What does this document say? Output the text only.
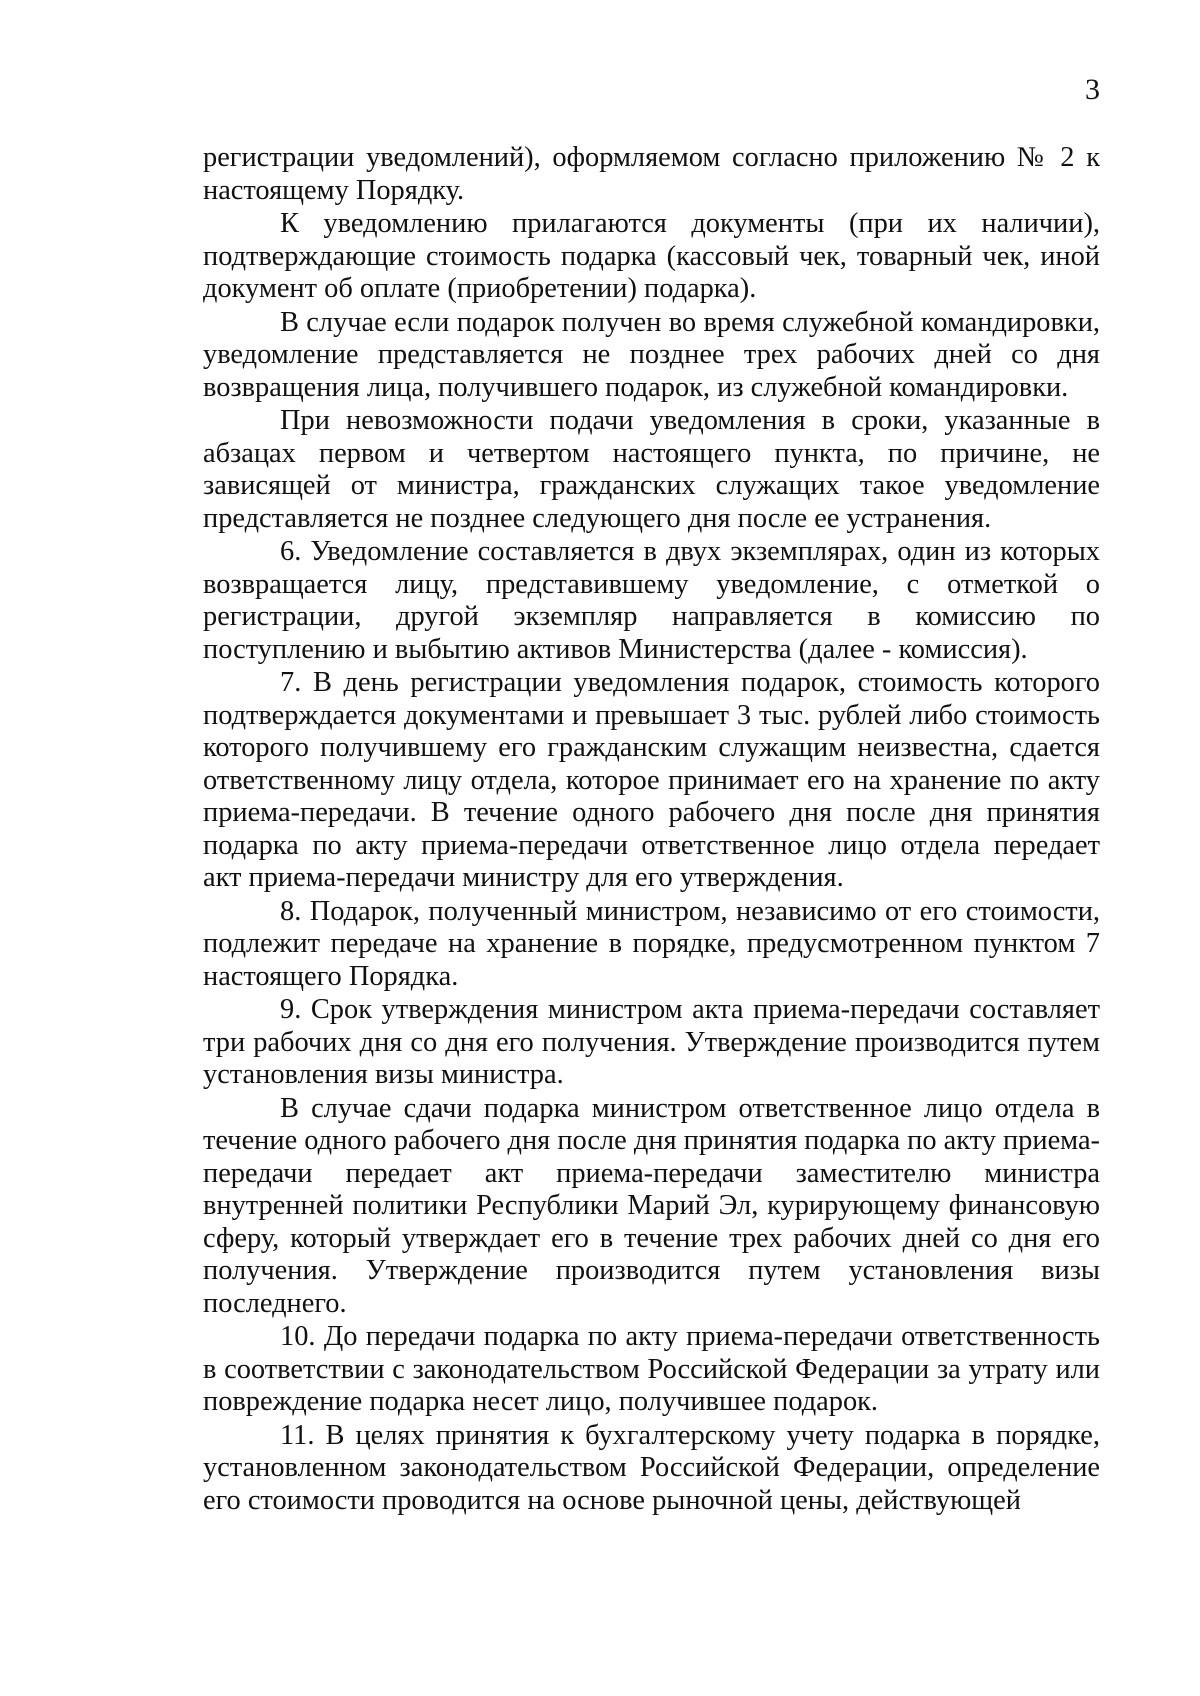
3

регистрации уведомлений), оформляемом согласно приложению № 2 к настоящему Порядку.

К уведомлению прилагаются документы (при их наличии), подтверждающие стоимость подарка (кассовый чек, товарный чек, иной документ об оплате (приобретении) подарка).

В случае если подарок получен во время служебной командировки, уведомление представляется не позднее трех рабочих дней со дня возвращения лица, получившего подарок, из служебной командировки.

При невозможности подачи уведомления в сроки, указанные в абзацах первом и четвертом настоящего пункта, по причине, не зависящей от министра, гражданских служащих такое уведомление представляется не позднее следующего дня после ее устранения.

6. Уведомление составляется в двух экземплярах, один из которых возвращается лицу, представившему уведомление, с отметкой о регистрации, другой экземпляр направляется в комиссию по поступлению и выбытию активов Министерства (далее - комиссия).

7. В день регистрации уведомления подарок, стоимость которого подтверждается документами и превышает 3 тыс. рублей либо стоимость которого получившему его гражданским служащим неизвестна, сдается ответственному лицу отдела, которое принимает его на хранение по акту приема-передачи. В течение одного рабочего дня после дня принятия подарка по акту приема-передачи ответственное лицо отдела передает акт приема-передачи министру для его утверждения.

8. Подарок, полученный министром, независимо от его стоимости, подлежит передаче на хранение в порядке, предусмотренном пунктом 7 настоящего Порядка.

9. Срок утверждения министром акта приема-передачи составляет три рабочих дня со дня его получения. Утверждение производится путем установления визы министра.

В случае сдачи подарка министром ответственное лицо отдела в течение одного рабочего дня после дня принятия подарка по акту приема-передачи передает акт приема-передачи заместителю министра внутренней политики Республики Марий Эл, курирующему финансовую сферу, который утверждает его в течение трех рабочих дней со дня его получения. Утверждение производится путем установления визы последнего.

10. До передачи подарка по акту приема-передачи ответственность в соответствии с законодательством Российской Федерации за утрату или повреждение подарка несет лицо, получившее подарок.

11. В целях принятия к бухгалтерскому учету подарка в порядке, установленном законодательством Российской Федерации, определение его стоимости проводится на основе рыночной цены, действующей
